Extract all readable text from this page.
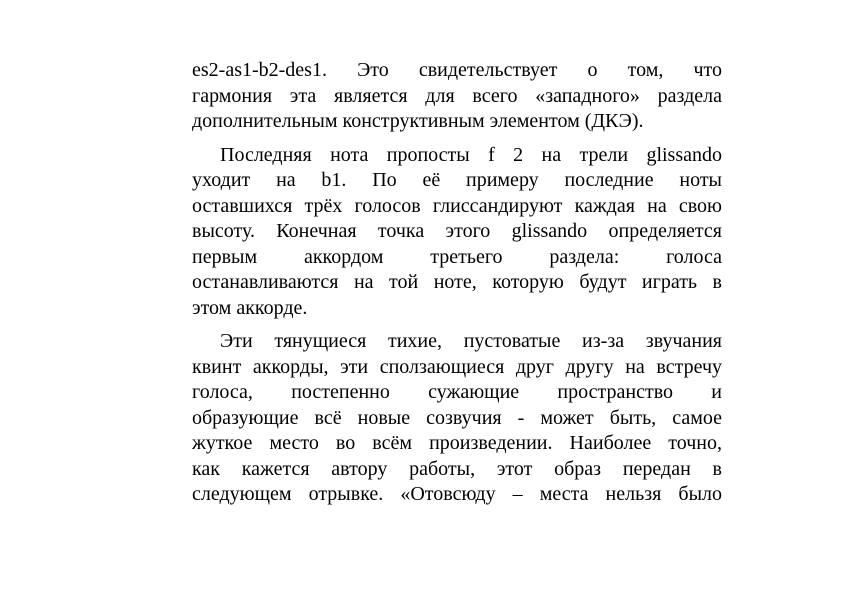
es2-as1-b2-des1. Это свидетельствует о том, что
гармония эта является для всего «западного» раздела
дополнительным конструктивным элементом (ДКЭ).
Последняя нота пропосты f 2 на трели glissando
уходит на b1. По её примеру последние ноты
оставшихся трёх голосов глиссандируют каждая на свою
высоту. Конечная точка этого glissando определяется
первым аккордом третьего раздела: голоса
останавливаются на той ноте, которую будут играть в
этом аккорде.
Эти тянущиеся тихие, пустоватые из-за звучания
квинт аккорды, эти сползающиеся друг другу на встречу
голоса, постепенно сужающие пространство и
образующие всё новые созвучия - может быть, самое
жуткое место во всём произведении. Наиболее точно,
как кажется автору работы, этот образ передан в
следующем отрывке. «Отовсюду – места нельзя было
